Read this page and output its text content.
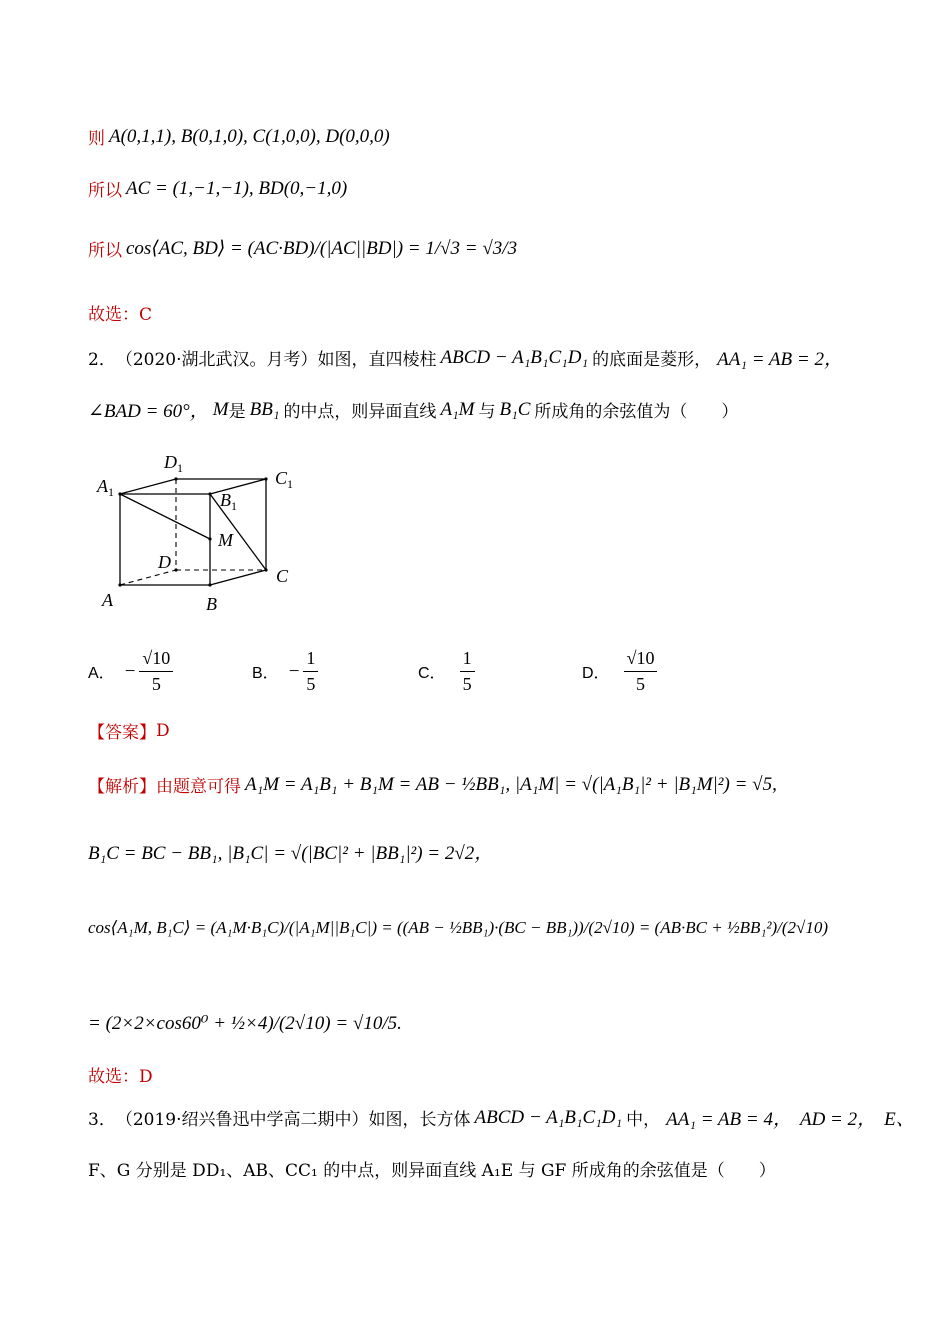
则 A(0,1,1), B(0,1,0), C(1,0,0), D(0,0,0)
所以 AC = (1,−1,−1), BD(0,−1,0)
所以 cos⟨AC, BD⟩ = (AC·BD)/(|AC||BD|) = 1/√3 = √3/3
故选：C
2． （2020·湖北武汉。月考） 如图，直四棱柱 ABCD − A₁B₁C₁D₁ 的底面是菱形， AA₁ = AB = 2，
∠BAD = 60°， M 是 BB₁ 的中点，则异面直线 A₁M 与 B₁C 所成角的余弦值为（　　）
$A_1$
$D_1$	$C_1$
$B_1$
M
D
C
A	B
A． − $\frac{√10}{5}$	B． − $\frac{1}{5}$	C． $\frac{1}{5}$	D． $\frac{√10}{5}$
【答案】 D
【解析】 由题意可得 A₁M = A₁B₁ + B₁M = AB − ½BB₁, |A₁M| = √(|A₁B₁|² + |B₁M|²) = √5,
B₁C = BC − BB₁, |B₁C| = √(|BC|² + |BB₁|²) = 2√2，
cos⟨A₁M, B₁C⟩ = (A₁M·B₁C)/(|A₁M||B₁C|) = ((AB − ½BB₁)·(BC − BB₁))/(2√10) = (AB·BC + ½BB₁²)/(2√10)
= (2×2×cos60⁰ + ½×4)/(2√10) = √10/5.
故选：D
3． （2019·绍兴鲁迅中学高二期中） 如图，长方体 ABCD − A₁B₁C₁D₁ 中， AA₁ = AB = 4， AD = 2， E、
F、G 分别是 DD₁、AB、CC₁ 的中点，则异面直线 A₁E 与 GF 所成角的余弦值是（　　）
